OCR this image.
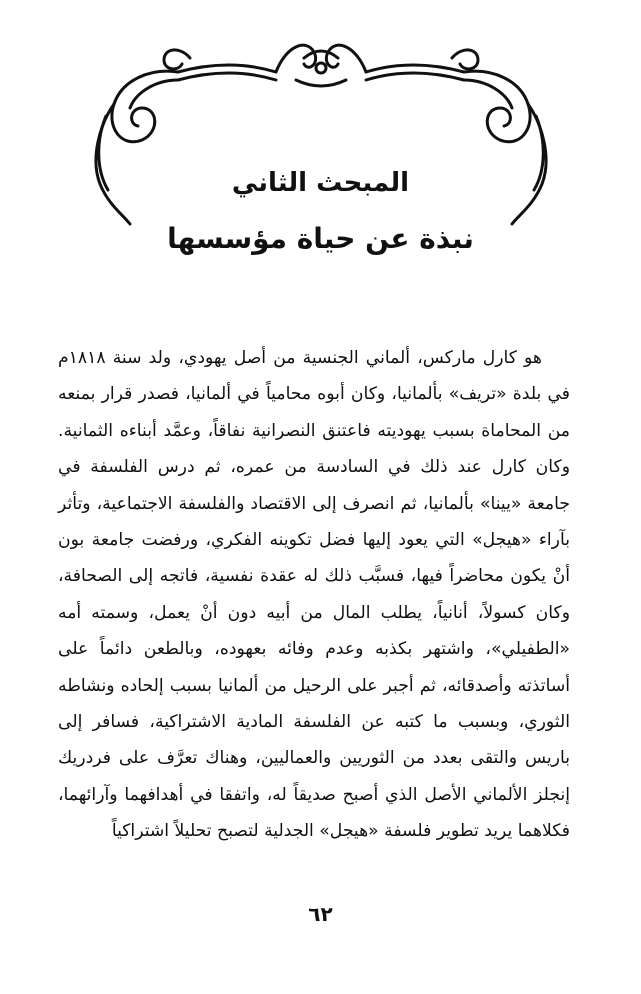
المبحث الثاني
نبذة عن حياة مؤسسها

هو كارل ماركس، ألماني الجنسية من أصل يهودي، ولد سنة ١٨١٨م في بلدة «تريف» بألمانيا، وكان أبوه محامياً في ألمانيا، فصدر قرار بمنعه من المحاماة بسبب يهوديته فاعتنق النصرانية نفاقاً، وعمَّد أبناءه الثمانية. وكان كارل عند ذلك في السادسة من عمره، ثم درس الفلسفة في جامعة «يينا» بألمانيا، ثم انصرف إلى الاقتصاد والفلسفة الاجتماعية، وتأثر بآراء «هيجل» التي يعود إليها فضل تكوينه الفكري، ورفضت جامعة بون أنْ يكون محاضراً فيها، فسبَّب ذلك له عقدة نفسية، فاتجه إلى الصحافة، وكان كسولاً، أنانياً، يطلب المال من أبيه دون أنْ يعمل، وسمته أمه «الطفيلي»، واشتهر بكذبه وعدم وفائه بعهوده، وبالطعن دائماً على أساتذته وأصدقائه، ثم أجبر على الرحيل من ألمانيا بسبب إلحاده ونشاطه الثوري، وبسبب ما كتبه عن الفلسفة المادية الاشتراكية، فسافر إلى باريس والتقى بعدد من الثوريين والعماليين، وهناك تعرَّف على فردريك إنجلز الألماني الأصل الذي أصبح صديقاً له، واتفقا في أهدافهما وآرائهما، فكلاهما يريد تطوير فلسفة «هيجل» الجدلية لتصبح تحليلاً اشتراكياً

٦٢
